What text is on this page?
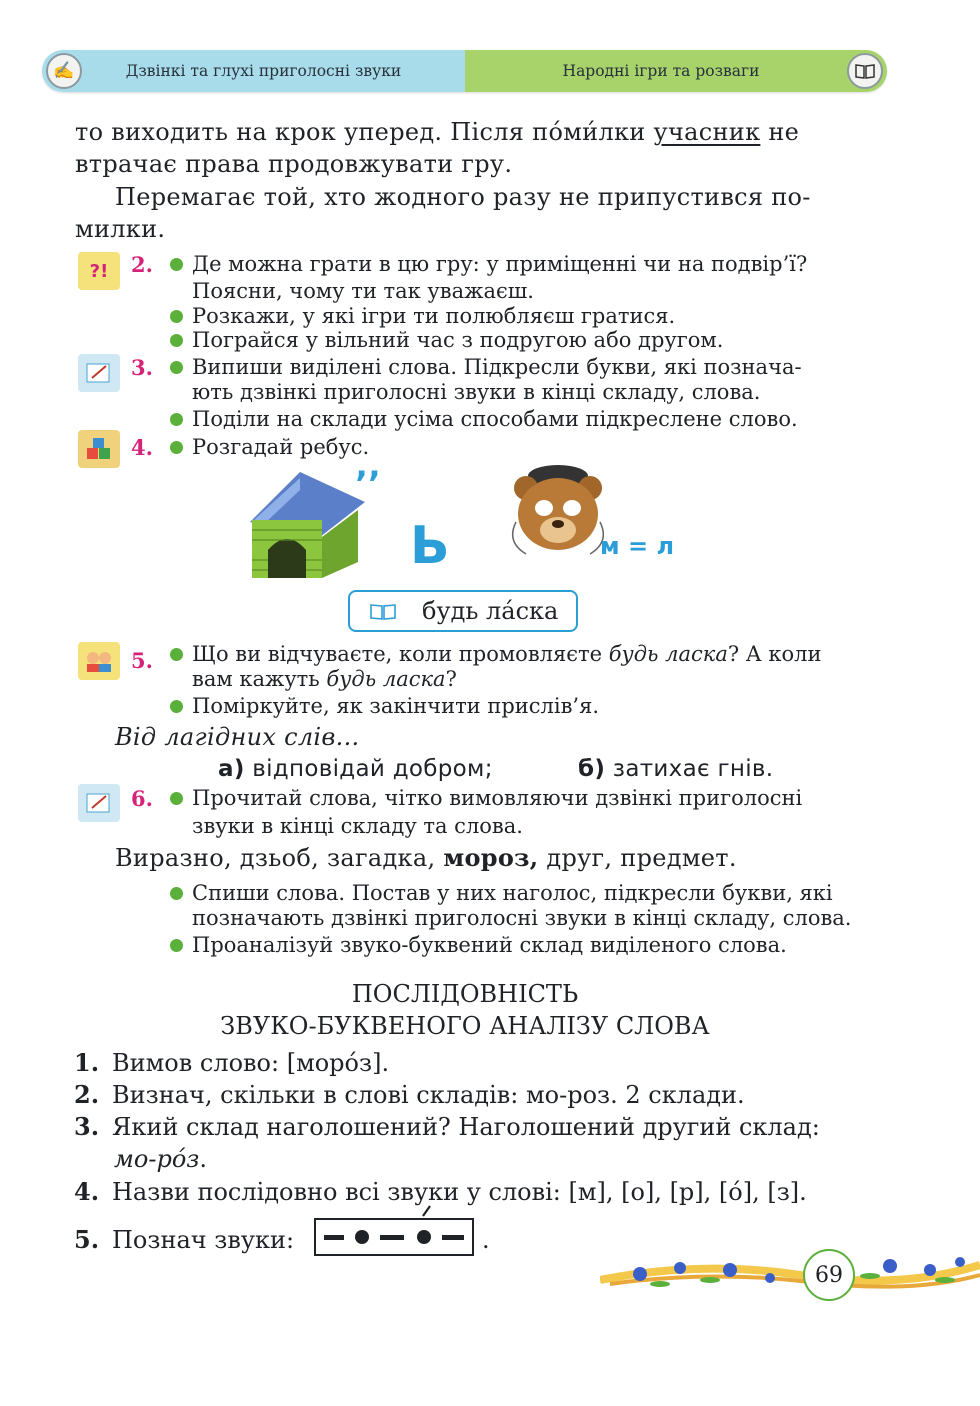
✍	Дзвінкі та глухі приголосні звуки	Народні ігри та розваги
то виходить на крок уперед. Після по́ми́лки учасник не
втрачає права продовжувати гру.
Перемагає той, хто жодного разу не припустився по-
милки.
?! 2. Де можна грати в цю гру: у приміщенні чи на подвір’ї?
Поясни, чому ти так уважаєш.
Розкажи, у які ігри ти полюбляєш гратися.
Пограйся у вільний час з подругою або другом.
3. Випиши виділені слова. Підкресли букви, які познача-
ють дзвінкі приголосні звуки в кінці складу, слова.
Поділи на склади усіма способами підкреслене слово.
4. Розгадай ребус.
’’
Ь	м = л
будь ла́ска
5. Що ви відчуваєте, коли промовляєте будь ласка? А коли
вам кажуть будь ласка?
Поміркуйте, як закінчити прислів’я.
Від лагідних слів...
а) відповідай добром;	б) затихає гнів.
6. Прочитай слова, чітко вимовляючи дзвінкі приголосні
звуки в кінці складу та слова.
Виразно, дзьоб, загадка, мороз, друг, предмет.
Спиши слова. Постав у них наголос, підкресли букви, які
позначають дзвінкі приголосні звуки в кінці складу, слова.
Проаналізуй звуко-буквений склад виділеного слова.
ПОСЛІДОВНІСТЬ
ЗВУКО-БУКВЕНОГО АНАЛІЗУ СЛОВА
1. Вимов слово: [моро́з].
2. Визнач, скільки в слові складів: мо-роз. 2 склади.
3. Який склад наголошений? Наголошений другий склад:
мо-ро́з.
4. Назви послідовно всі звуки у слові: [м], [о], [р], [о́], [з].
5. Познач звуки:	.
69
